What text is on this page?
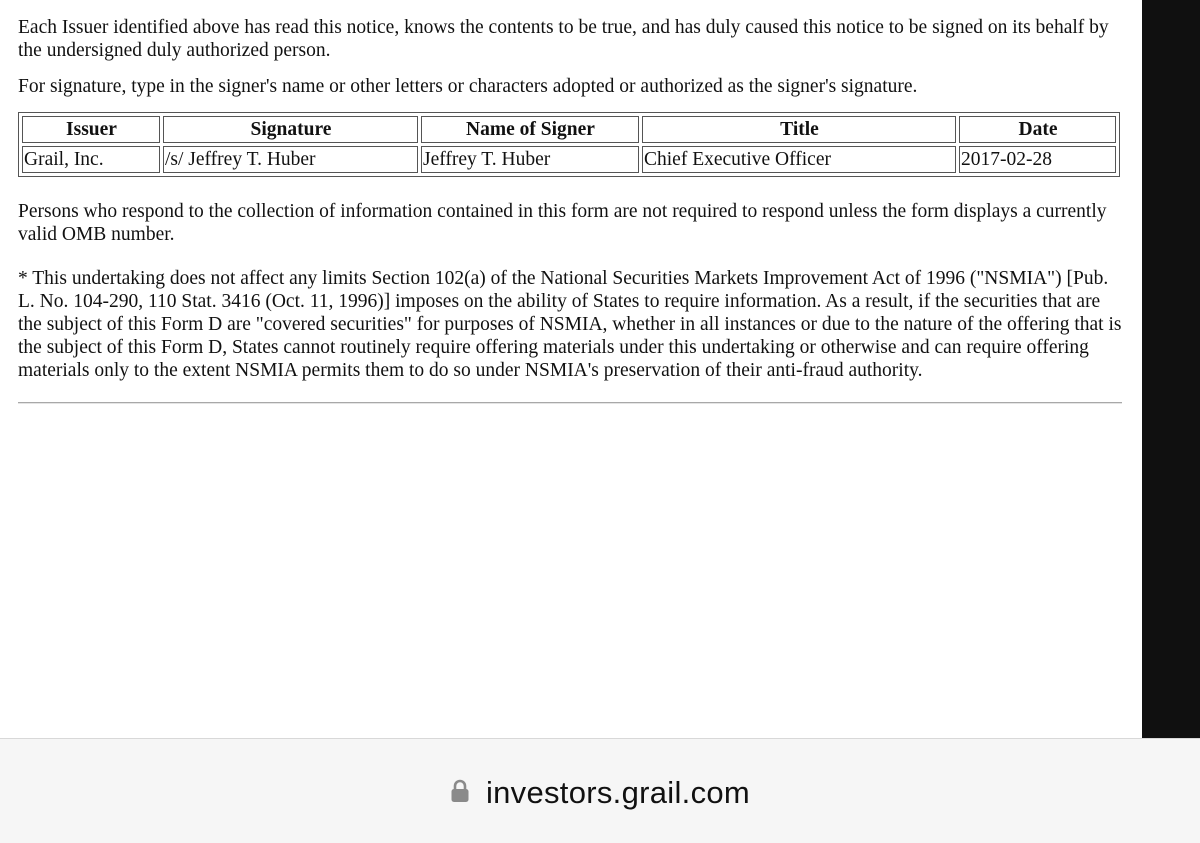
Each Issuer identified above has read this notice, knows the contents to be true, and has duly caused this notice to be signed on its behalf by the undersigned duly authorized person.

For signature, type in the signer's name or other letters or characters adopted or authorized as the signer's signature.

Issuer	Signature	Name of Signer	Title	Date
Grail, Inc.	/s/ Jeffrey T. Huber	Jeffrey T. Huber	Chief Executive Officer	2017-02-28

Persons who respond to the collection of information contained in this form are not required to respond unless the form displays a currently valid OMB number.

* This undertaking does not affect any limits Section 102(a) of the National Securities Markets Improvement Act of 1996 ("NSMIA") [Pub. L. No. 104-290, 110 Stat. 3416 (Oct. 11, 1996)] imposes on the ability of States to require information. As a result, if the securities that are the subject of this Form D are "covered securities" for purposes of NSMIA, whether in all instances or due to the nature of the offering that is the subject of this Form D, States cannot routinely require offering materials under this undertaking or otherwise and can require offering materials only to the extent NSMIA permits them to do so under NSMIA's preservation of their anti-fraud authority.

investors.grail.com
